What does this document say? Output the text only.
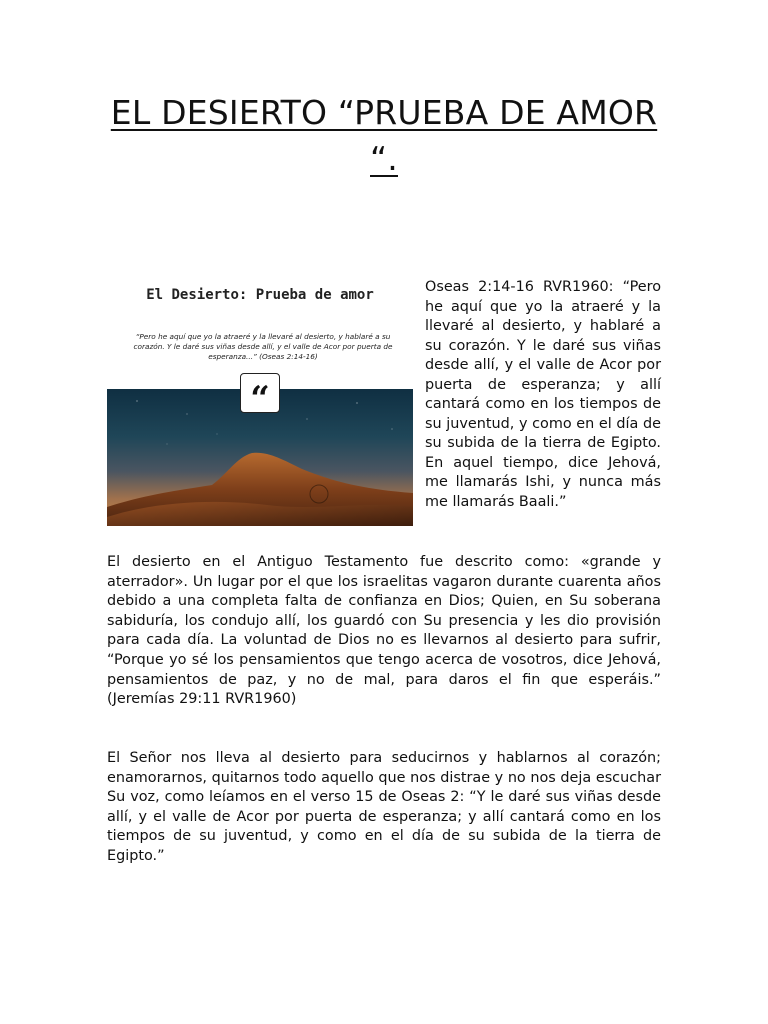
EL DESIERTO “PRUEBA DE AMOR “.
El Desierto: Prueba de amor
“Pero he aquí que yo la atraeré y la llevaré al desierto, y hablaré a su corazón. Y le daré sus viñas desde allí, y el valle de Acor por puerta de esperanza...” (Oseas 2:14-16)
“

Oseas 2:14-16 RVR1960: “Pero he aquí que yo la atraeré y la llevaré al desierto, y hablaré a su corazón. Y le daré sus viñas desde allí, y el valle de Acor por puerta de esperanza; y allí cantará como en los tiempos de su juventud, y como en el día de su subida de la tierra de Egipto. En aquel tiempo, dice Jehová, me llamarás Ishi, y nunca más me llamarás Baali.”

El desierto en el Antiguo Testamento fue descrito como: «grande y aterrador». Un lugar por el que los israelitas vagaron durante cuarenta años debido a una completa falta de confianza en Dios; Quien, en Su soberana sabiduría, los condujo allí, los guardó con Su presencia y les dio provisión para cada día. La voluntad de Dios no es llevarnos al desierto para sufrir, “Porque yo sé los pensamientos que tengo acerca de vosotros, dice Jehová, pensamientos de paz, y no de mal, para daros el fin que esperáis.” (Jeremías 29:11 RVR1960)

El Señor nos lleva al desierto para seducirnos y hablarnos al corazón; enamorarnos, quitarnos todo aquello que nos distrae y no nos deja escuchar Su voz, como leíamos en el verso 15 de Oseas 2: “Y le daré sus viñas desde allí, y el valle de Acor por puerta de esperanza; y allí cantará como en los tiempos de su juventud, y como en el día de su subida de la tierra de Egipto.”
